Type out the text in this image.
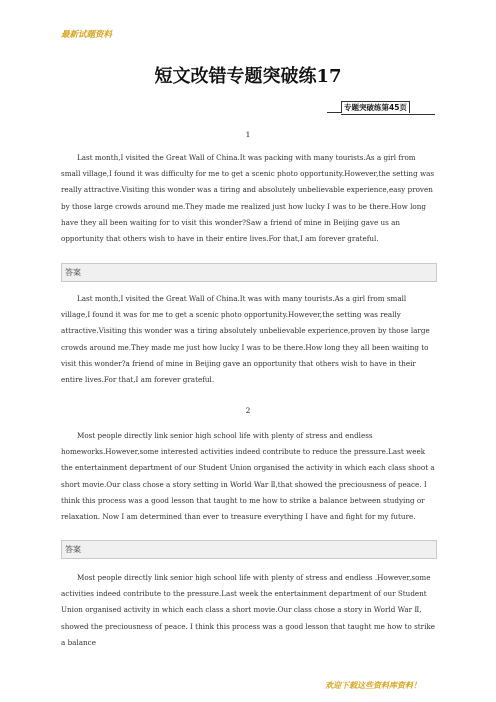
最新试题资料
短文改错专题突破练17
专题突破练第45页
1

Last month,I visited the Great Wall of China.It was packing with many tourists.As a girl from small village,I found it was difficulty for me to get a scenic photo opportunity.However,the setting was really attractive.Visiting this wonder was a tiring and absolutely unbelievable experience,easy proven by those large crowds around me.They made me realized just how lucky I was to be there.How long have they all been waiting for to visit this wonder?Saw a friend of mine in Beijing gave us an opportunity that others wish to have in their entire lives.For that,I am forever grateful.

答案

Last month,I visited the Great Wall of China.It was with many tourists.As a girl from small village,I found it was for me to get a scenic photo opportunity.However,the setting was really attractive.Visiting this wonder was a tiring absolutely unbelievable experience,proven by those large crowds around me.They made me just how lucky I was to be there.How long they all been waiting to visit this wonder?a friend of mine in Beijing gave an opportunity that others wish to have in their entire lives.For that,I am forever grateful.

2

Most people directly link senior high school life with plenty of stress and endless homeworks.However,some interested activities indeed contribute to reduce the pressure.Last week the entertainment department of our Student Union organised the activity in which each class shoot a short movie.Our class chose a story setting in World War Ⅱ,that showed the preciousness of peace. I think this process was a good lesson that taught to me how to strike a balance between studying or relaxation. Now I am determined than ever to treasure everything I have and fight for my future.

答案

Most people directly link senior high school life with plenty of stress and endless .However,some activities indeed contribute to the pressure.Last week the entertainment department of our Student Union organised activity in which each class a short movie.Our class chose a story in World War Ⅱ, showed the preciousness of peace. I think this process was a good lesson that taught me how to strike a balance

欢迎下载这些资料库资料！
